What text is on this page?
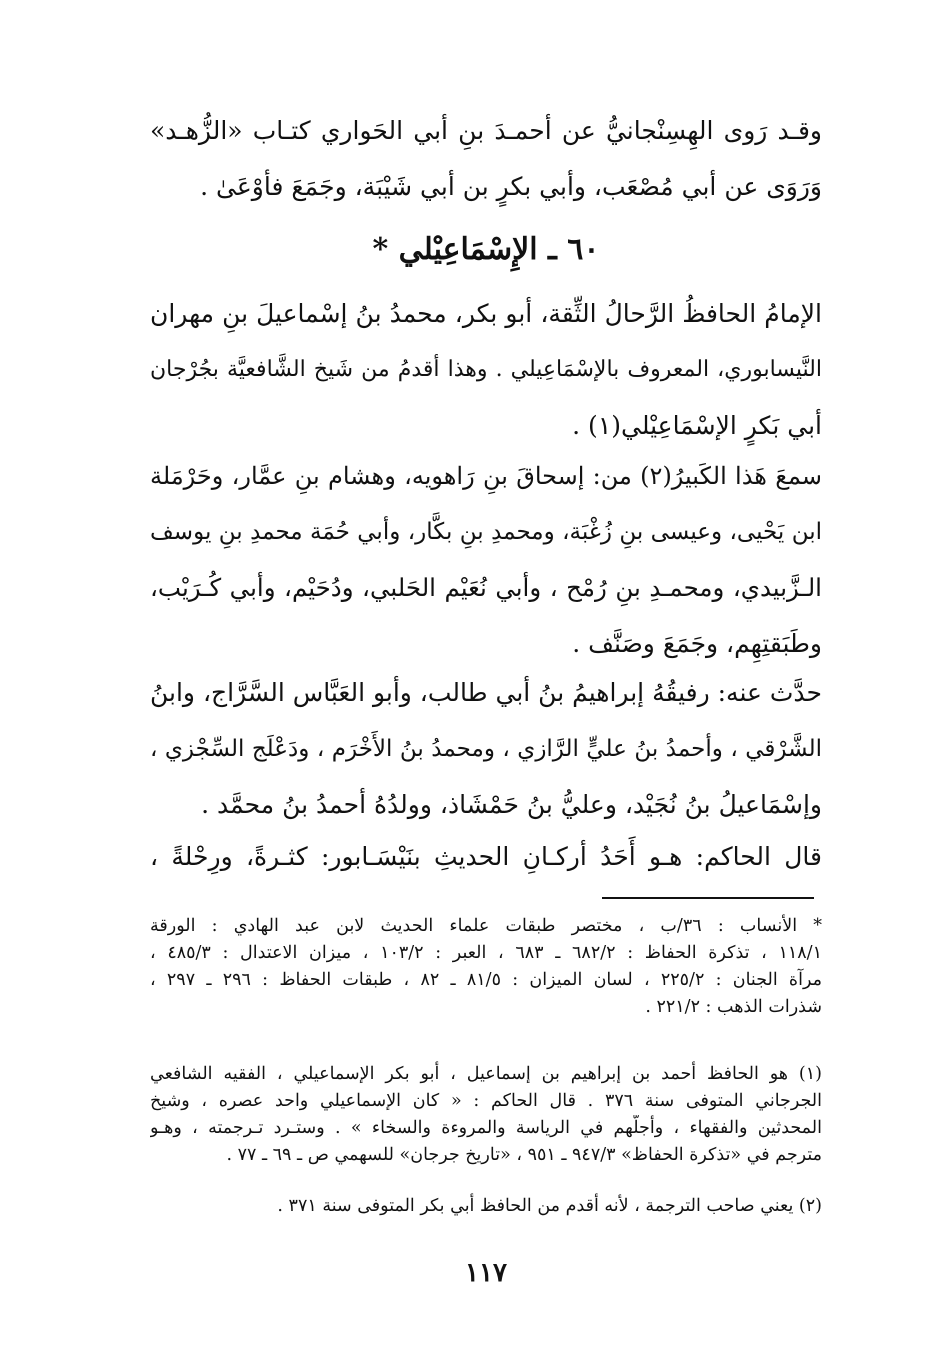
وقـد رَوى الهِسِنْجانيُّ عن أحمـدَ بنِ أبي الحَواري كتـاب «الزُّهـد»
وَرَوَى عن أبي مُصْعَب، وأبي بكرٍ بن أبي شَيْبَة، وجَمَعَ فأوْعَىٰ .
٦٠ ـ الإِسْمَاعِيْلي *
الإمامُ الحافظُ الرَّحالُ الثِّقة، أبو بكر، محمدُ بنُ إسْماعيلَ بنِ مهران
النَّيسابوري، المعروف بالإسْمَاعِيلي . وهذا أقدمُ من شَيخ الشَّافعيَّة بجُرْجان
أبي بَكرٍ الإسْمَاعِيْلي(١) .
سمعَ هَذا الكَبيرُ(٢) من: إسحاقَ بنِ رَاهويه، وهشام بنِ عمَّار، وحَرْمَلة
ابن يَحْيى، وعيسى بنِ زُغْبَة، ومحمدِ بنِ بكَّار، وأبي حُمَة محمدِ بنِ يوسف
الـزَّبيدي، ومحمـدِ بنِ رُمْح ، وأبي نُعَيْم الحَلبي، ودُحَيْم، وأبي كُـرَيْب،
وطَبَقتِهِم، وجَمَعَ وصَنَّف .
حدَّث عنه: رفيقُهُ إبراهيمُ بنُ أبي طالب، وأبو العَبَّاس السَّرَّاج، وابنُ
الشَّرْقي ، وأحمدُ بنُ عليٍّ الرَّازي ، ومحمدُ بنُ الأَخْرَم ، ودَعْلَج السِّجْزي ،
وإسْمَاعيلُ بنُ نُجَيْد، وعليُّ بنُ حَمْشَاذ، وولدُهُ أحمدُ بنُ محمَّد .
قال الحاكم: هـو أَحَدُ أركـانِ الحديثِ بنَيْسَـابور: كثـرةً، ورِحْلةً ،
* الأنساب : ٣٦/ب ، مختصر طبقات علماء الحديث لابن عبد الهادي : الورقة
١١٨/١ ، تذكرة الحفاظ : ٦٨٢/٢ ـ ٦٨٣ ، العبر : ١٠٣/٢ ، ميزان الاعتدال : ٤٨٥/٣ ،
مرآة الجنان : ٢٢٥/٢ ، لسان الميزان : ٨١/٥ ـ ٨٢ ، طبقات الحفاظ : ٢٩٦ ـ ٢٩٧ ،
شذرات الذهب : ٢٢١/٢ .
(١) هو الحافظ أحمد بن إبراهيم بن إسماعيل ، أبو بكر الإسماعيلي ، الفقيه الشافعي
الجرجاني المتوفى سنة ٣٧٦ . قال الحاكم : « كان الإسماعيلي واحد عصره ، وشيخ
المحدثين والفقهاء ، وأجلّهم في الرياسة والمروءة والسخاء » . وستـرد تـرجمته ، وهـو
مترجم في «تذكرة الحفاظ» ٩٤٧/٣ ـ ٩٥١ ، «تاريخ جرجان» للسهمي ص ـ ٦٩ ـ ٧٧ .
(٢) يعني صاحب الترجمة ، لأنه أقدم من الحافظ أبي بكر المتوفى سنة ٣٧١ .
١١٧
